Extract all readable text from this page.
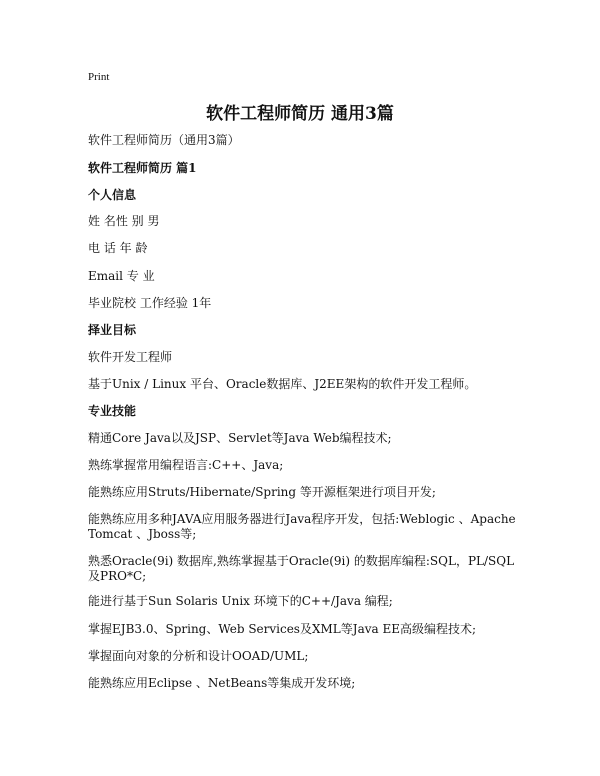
Print
软件工程师简历 通用3篇
软件工程师简历（通用3篇）
软件工程师简历 篇1
个人信息
姓 名性 别 男
电 话 年 龄
Email 专 业
毕业院校 工作经验 1年
择业目标
软件开发工程师
基于Unix / Linux 平台、Oracle数据库、J2EE架构的软件开发工程师。
专业技能
精通Core Java以及JSP、Servlet等Java Web编程技术;
熟练掌握常用编程语言:C++、Java;
能熟练应用Struts/Hibernate/Spring 等开源框架进行项目开发;
能熟练应用多种JAVA应用服务器进行Java程序开发，包括:Weblogic 、Apache Tomcat 、Jboss等;
熟悉Oracle(9i) 数据库,熟练掌握基于Oracle(9i) 的数据库编程:SQL，PL/SQL及PRO*C;
能进行基于Sun Solaris Unix 环境下的C++/Java 编程;
掌握EJB3.0、Spring、Web Services及XML等Java EE高级编程技术;
掌握面向对象的分析和设计OOAD/UML;
能熟练应用Eclipse 、NetBeans等集成开发环境;
